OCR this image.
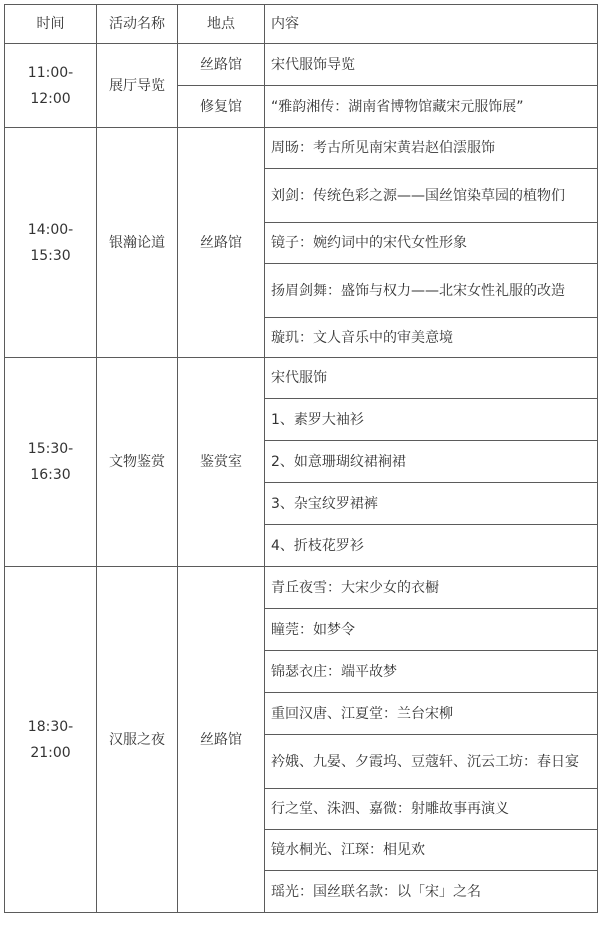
时间	活动名称	地点	内容
11:00-12:00	展厅导览	丝路馆	宋代服饰导览
		修复馆	“雅韵湘传：湖南省博物馆藏宋元服饰展”
14:00-15:30	银瀚论道	丝路馆	周旸：考古所见南宋黄岩赵伯澐服饰
			刘剑：传统色彩之源——国丝馆染草园的植物们
			镜子：婉约词中的宋代女性形象
			扬眉剑舞：盛饰与权力——北宋女性礼服的改造
			璇玑：文人音乐中的审美意境
15:30-16:30	文物鉴赏	鉴赏室	宋代服饰
			1、素罗大袖衫
			2、如意珊瑚纹裙裥裙
			3、杂宝纹罗裙裤
			4、折枝花罗衫
18:30-21:00	汉服之夜	丝路馆	青丘夜雪：大宋少女的衣橱
			瞳莞：如梦令
			锦瑟衣庄：端平故梦
			重回汉唐、江夏堂：兰台宋柳
			衿娥、九晏、夕霞坞、豆蔻轩、沉云工坊：春日宴
			行之堂、洙泗、嘉微：射雕故事再演义
			镜水桐光、江琛：相见欢
			瑶光：国丝联名款：以「宋」之名
